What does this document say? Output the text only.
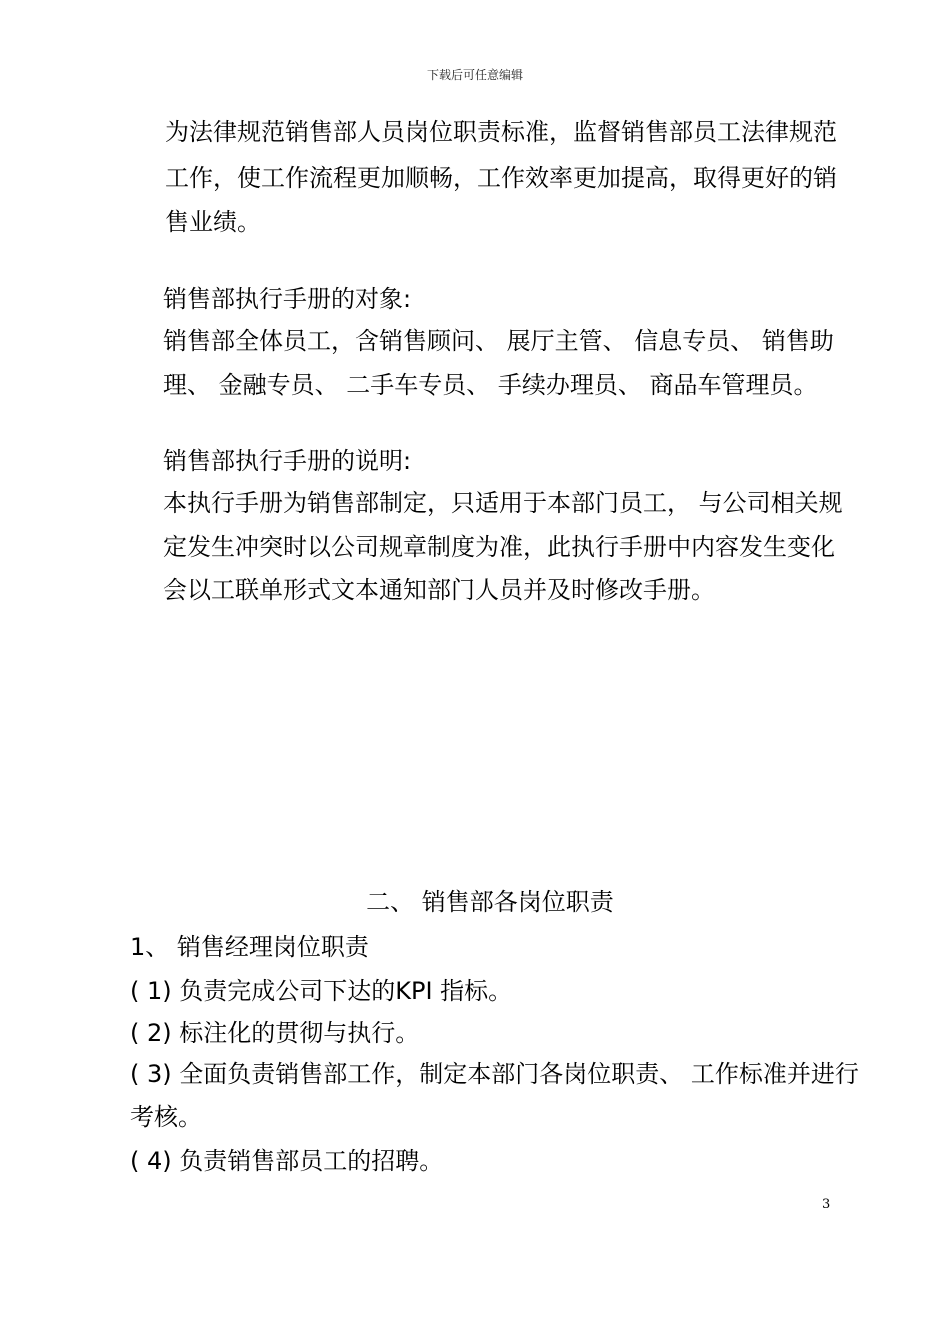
下载后可任意编辑
为法律规范销售部人员岗位职责标准，监督销售部员工法律规范
工作，使工作流程更加顺畅，工作效率更加提高，取得更好的销
售业绩。
销售部执行手册的对象:
销售部全体员工，含销售顾问、 展厅主管、 信息专员、 销售助
理、 金融专员、 二手车专员、 手续办理员、 商品车管理员。
销售部执行手册的说明:
本执行手册为销售部制定，只适用于本部门员工， 与公司相关规
定发生冲突时以公司规章制度为准，此执行手册中内容发生变化
会以工联单形式文本通知部门人员并及时修改手册。
二、 销售部各岗位职责
1、 销售经理岗位职责
( 1) 负责完成公司下达的KPI 指标。
( 2) 标注化的贯彻与执行。
( 3) 全面负责销售部工作，制定本部门各岗位职责、 工作标准并进行
考核。
( 4) 负责销售部员工的招聘。
3
